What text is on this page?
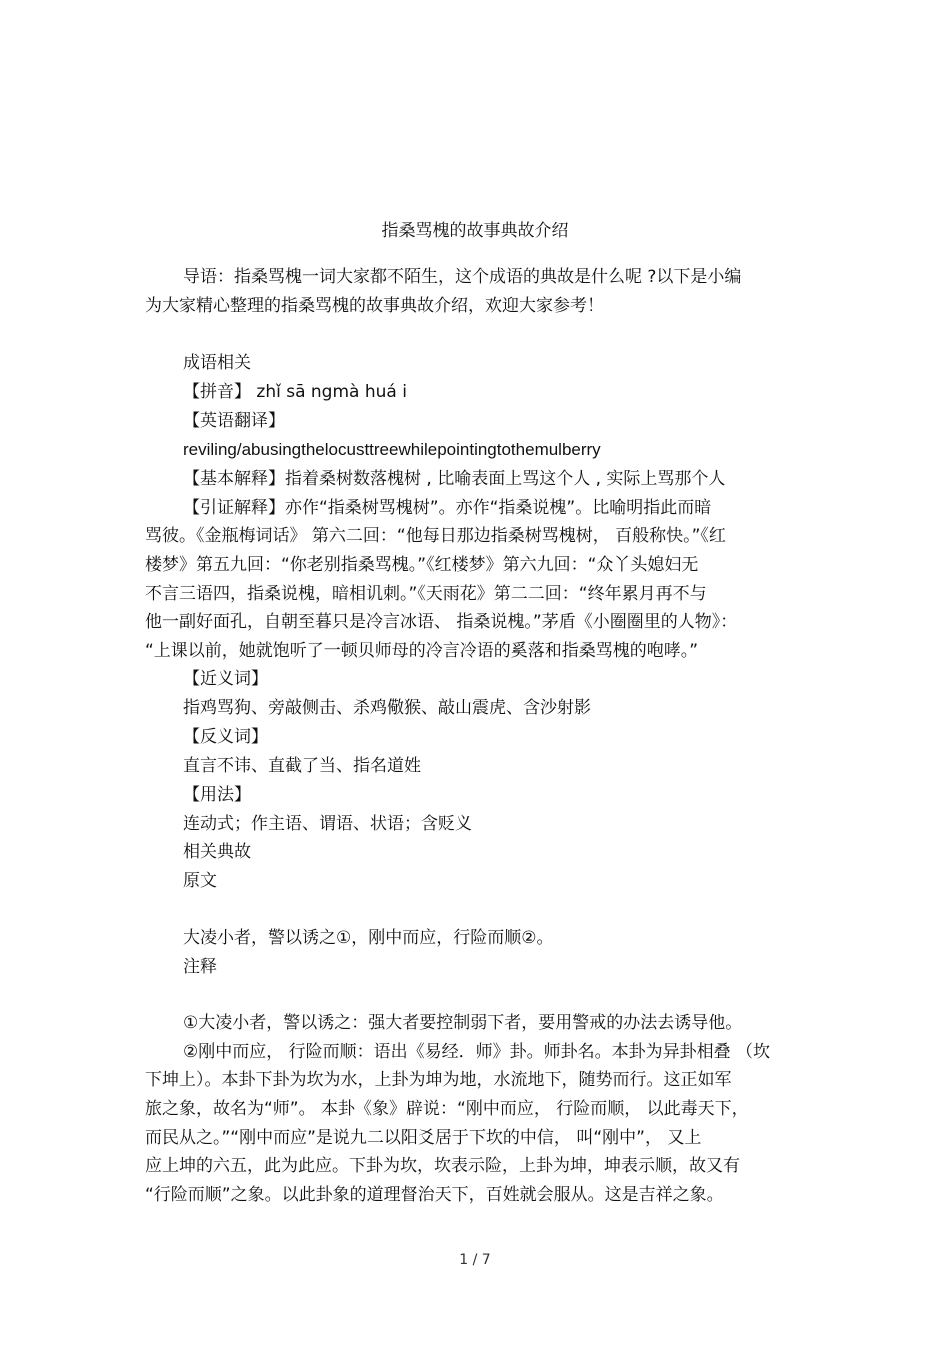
指桑骂槐的故事典故介绍
导语：指桑骂槐一词大家都不陌生，这个成语的典故是什么呢 ?以下是小编
为大家精心整理的指桑骂槐的故事典故介绍，欢迎大家参考！
成语相关
【拼音】 zhǐ sā ngmà huá i
【英语翻译】
reviling/abusingthelocusttreewhilepointingtothemulberry
【基本解释】指着桑树数落槐树 , 比喻表面上骂这个人 , 实际上骂那个人
【引证解释】亦作“指桑树骂槐树”。亦作“指桑说槐”。比喻明指此而暗
骂彼。《金瓶梅词话》 第六二回：“他每日那边指桑树骂槐树， 百般称快。”《红
楼梦》第五九回：“你老别指桑骂槐。”《红楼梦》第六九回：“众丫头媳妇无
不言三语四，指桑说槐，暗相讥刺。”《天雨花》第二二回：“终年累月再不与
他一副好面孔，自朝至暮只是冷言冰语、 指桑说槐。”茅盾《小圈圈里的人物》：
“上课以前，她就饱听了一顿贝师母的冷言冷语的奚落和指桑骂槐的咆哮。”
【近义词】
指鸡骂狗、旁敲侧击、杀鸡儆猴、敲山震虎、含沙射影
【反义词】
直言不讳、直截了当、指名道姓
【用法】
连动式；作主语、谓语、状语；含贬义
相关典故
原文
大凌小者，警以诱之①，刚中而应，行险而顺②。
注释
①大凌小者，警以诱之：强大者要控制弱下者，要用警戒的办法去诱导他。
②刚中而应， 行险而顺：语出《易经．师》卦。师卦名。本卦为异卦相叠 （坎
下坤上）。本卦下卦为坎为水，上卦为坤为地，水流地下，随势而行。这正如军
旅之象，故名为“师”。 本卦《象》辟说：“刚中而应， 行险而顺， 以此毒天下，
而民从之。”“刚中而应”是说九二以阳爻居于下坎的中信， 叫“刚中”， 又上
应上坤的六五，此为此应。下卦为坎，坎表示险，上卦为坤，坤表示顺，故又有
“行险而顺”之象。以此卦象的道理督治天下，百姓就会服从。这是吉祥之象。
1 / 7
